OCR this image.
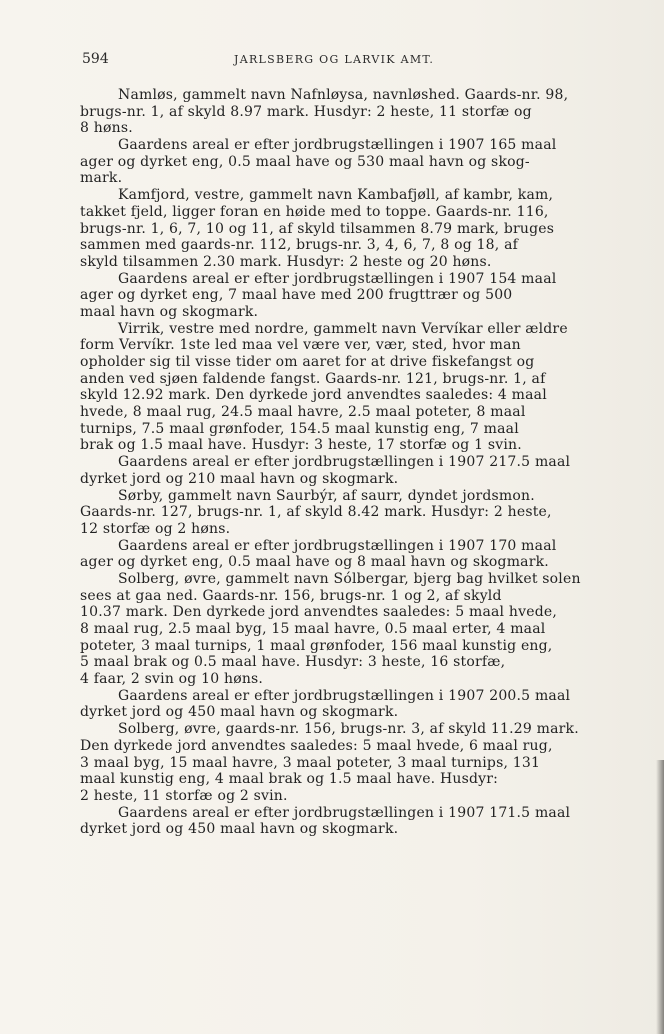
594	JARLSBERG OG LARVIK AMT.
Namløs, gammelt navn Nafnløysa, navnløshed. Gaards-nr. 98,
brugs-nr. 1, af skyld 8.97 mark. Husdyr: 2 heste, 11 storfæ og
8 høns.
Gaardens areal er efter jordbrugstællingen i 1907 165 maal
ager og dyrket eng, 0.5 maal have og 530 maal havn og skog-
mark.
Kamfjord, vestre, gammelt navn Kambafjøll, af kambr, kam,
takket fjeld, ligger foran en høide med to toppe. Gaards-nr. 116,
brugs-nr. 1, 6, 7, 10 og 11, af skyld tilsammen 8.79 mark, bruges
sammen med gaards-nr. 112, brugs-nr. 3, 4, 6, 7, 8 og 18, af
skyld tilsammen 2.30 mark. Husdyr: 2 heste og 20 høns.
Gaardens areal er efter jordbrugstællingen i 1907 154 maal
ager og dyrket eng, 7 maal have med 200 frugttrær og 500
maal havn og skogmark.
Virrik, vestre med nordre, gammelt navn Vervíkar eller ældre
form Vervíkr. 1ste led maa vel være ver, vær, sted, hvor man
opholder sig til visse tider om aaret for at drive fiskefangst og
anden ved sjøen faldende fangst. Gaards-nr. 121, brugs-nr. 1, af
skyld 12.92 mark. Den dyrkede jord anvendtes saaledes: 4 maal
hvede, 8 maal rug, 24.5 maal havre, 2.5 maal poteter, 8 maal
turnips, 7.5 maal grønfoder, 154.5 maal kunstig eng, 7 maal
brak og 1.5 maal have. Husdyr: 3 heste, 17 storfæ og 1 svin.
Gaardens areal er efter jordbrugstællingen i 1907 217.5 maal
dyrket jord og 210 maal havn og skogmark.
Sørby, gammelt navn Saurbýr, af saurr, dyndet jordsmon.
Gaards-nr. 127, brugs-nr. 1, af skyld 8.42 mark. Husdyr: 2 heste,
12 storfæ og 2 høns.
Gaardens areal er efter jordbrugstællingen i 1907 170 maal
ager og dyrket eng, 0.5 maal have og 8 maal havn og skogmark.
Solberg, øvre, gammelt navn Sólbergar, bjerg bag hvilket solen
sees at gaa ned. Gaards-nr. 156, brugs-nr. 1 og 2, af skyld
10.37 mark. Den dyrkede jord anvendtes saaledes: 5 maal hvede,
8 maal rug, 2.5 maal byg, 15 maal havre, 0.5 maal erter, 4 maal
poteter, 3 maal turnips, 1 maal grønfoder, 156 maal kunstig eng,
5 maal brak og 0.5 maal have. Husdyr: 3 heste, 16 storfæ,
4 faar, 2 svin og 10 høns.
Gaardens areal er efter jordbrugstællingen i 1907 200.5 maal
dyrket jord og 450 maal havn og skogmark.
Solberg, øvre, gaards-nr. 156, brugs-nr. 3, af skyld 11.29 mark.
Den dyrkede jord anvendtes saaledes: 5 maal hvede, 6 maal rug,
3 maal byg, 15 maal havre, 3 maal poteter, 3 maal turnips, 131
maal kunstig eng, 4 maal brak og 1.5 maal have. Husdyr:
2 heste, 11 storfæ og 2 svin.
Gaardens areal er efter jordbrugstællingen i 1907 171.5 maal
dyrket jord og 450 maal havn og skogmark.
